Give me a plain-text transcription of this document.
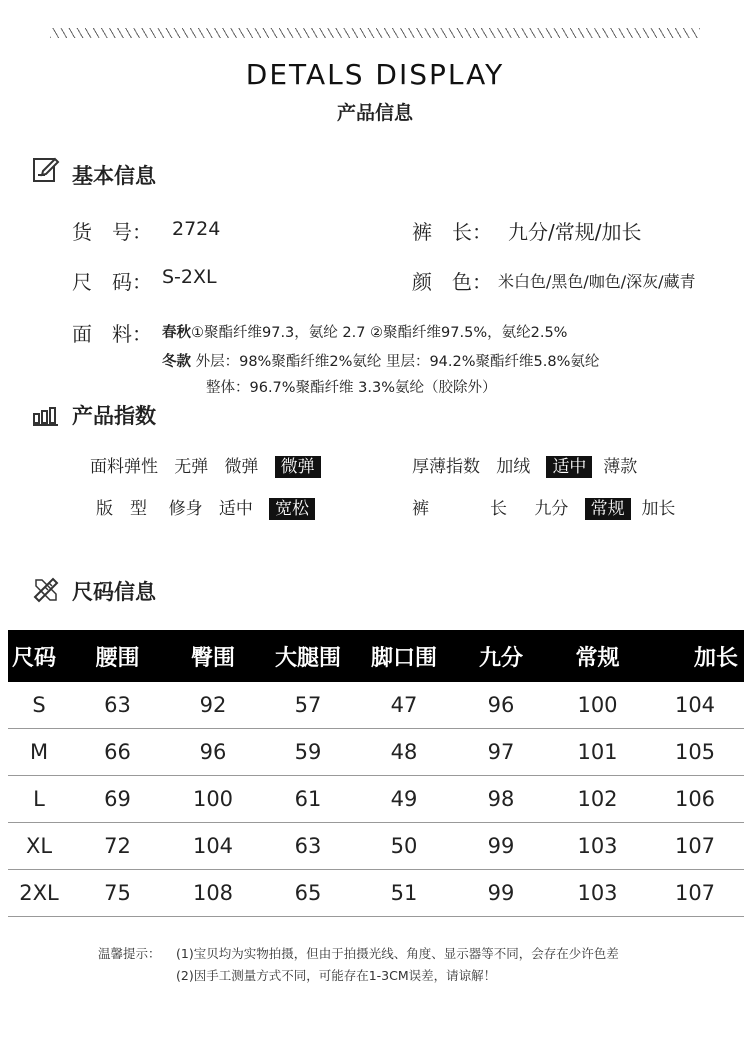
DETALS DISPLAY
产品信息
基本信息
货　号： 2724	裤　长： 九分/常规/加长
尺　码： S-2XL	颜　色： 米白色/黑色/咖色/深灰/藏青
面　料： 春秋①聚酯纤维97.3，氨纶 2.7 ②聚酯纤维97.5%，氨纶2.5%
冬款 外层：98%聚酯纤维2%氨纶 里层：94.2%聚酯纤维5.8%氨纶
整体：96.7%聚酯纤维 3.3%氨纶（胶除外）
产品指数
面料弹性 无弹 微弹 微弹	厚薄指数 加绒 适中 薄款
版　型 修身 适中 宽松	裤　长 九分 常规 加长
尺码信息
尺码	腰围	臀围	大腿围	脚口围	九分	常规	加长
S	63	92	57	47	96	100	104
M	66	96	59	48	97	101	105
L	69	100	61	49	98	102	106
XL	72	104	63	50	99	103	107
2XL	75	108	65	51	99	103	107
温馨提示： (1)宝贝均为实物拍摄，但由于拍摄光线、角度、显示器等不同，会存在少许色差
(2)因手工测量方式不同，可能存在1-3CM误差，请谅解！
